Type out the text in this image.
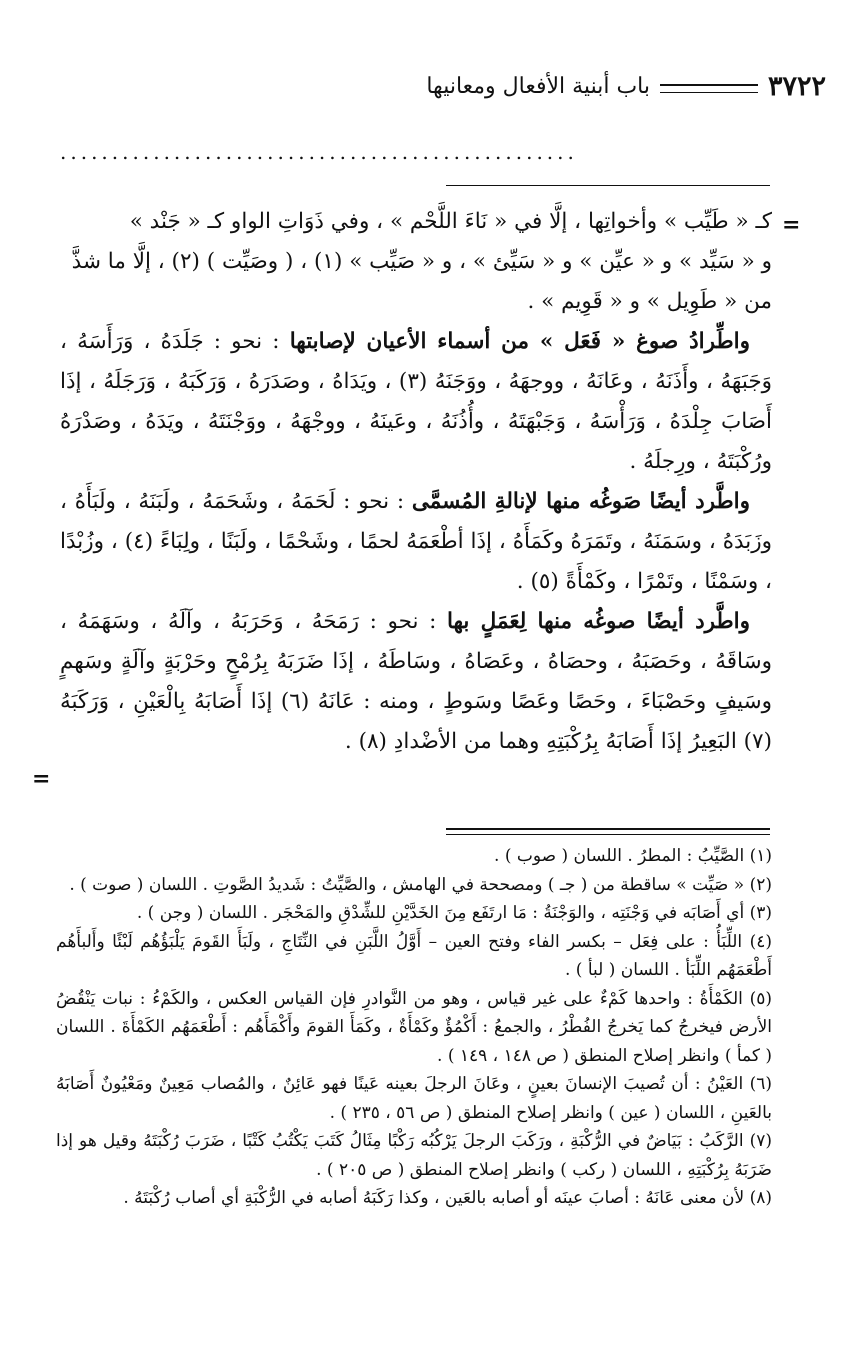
٣٧٢٢
باب أبنية الأفعال ومعانيها
..................................................
=
=

كـ « طَيِّب » وأخواتِها ، إلَّا في « نَاءَ اللَّحْم » ، وفي ذَوَاتِ الواو كـ « جَنْد »

و « سَيِّد » و « عيِّن » و « سَيِّئ » ، و « صَيِّب » (١) ، ( وصَيِّت ) (٢) ، إلَّا ما شذَّ

من « طَوِيل » و « قَوِيم » .

واطِّرادُ صوغ « فَعَل » من أسماء الأعيان لإصابتها : نحو : جَلَدَهُ ، وَرَأَسَهُ ، وَجَبَهَهُ ، وأَذَنَهُ ، وعَانَهُ ، ووجهَهُ ، ووَجَنَهُ (٣) ، ويَدَاهُ ، وصَدَرَهُ ، وَرَكَبَهُ ، وَرَجَلَهُ ، إذَا أَصَابَ جِلْدَهُ ، وَرَأْسَهُ ، وَجَبْهَتَهُ ، وأُذُنَهُ ، وعَينَهُ ، ووجْهَهُ ، ووَجْنَتَهُ ، ويَدَهُ ، وصَدْرَهُ ورُكْبَتَهُ ، ورِجلَهُ .

واطَّرد أيضًا صَوغُه منها لإنالةِ المُسمَّى : نحو : لَحَمَهُ ، وشَحَمَهُ ، ولَبَنَهُ ، ولَبَأَهُ ، وزَبَدَهُ ، وسَمَنَهُ ، وتَمَرَهُ وكَمَأَهُ ، إذَا أطْعَمَهُ لحمًا ، وشَحْمًا ، ولَبَنًا ، ولِبَاءً (٤) ، وزُبْدًا ، وسَمْنًا ، وتَمْرًا ، وكَمْأَةً (٥) .

واطَّرد أيضًا صوغُه منها لِعَمَلٍ بها : نحو : رَمَحَهُ ، وَحَرَبَهُ ، وآلَهُ ، وسَهَمَهُ ، وسَاقَهُ ، وحَصَبَهُ ، وحصَاهُ ، وعَصَاهُ ، وسَاطَهُ ، إذَا ضَرَبَهُ بِرُمْحٍ وحَرْبَةٍ وآلَةٍ وسَهمٍ وسَيفٍ وحَصْبَاءَ ، وحَصًا وعَصًا وسَوطٍ ، ومنه : عَانَهُ (٦) إذَا أَصَابَهُ بِالْعَيْنِ ، وَرَكَبَهُ (٧) البَعِيرُ إذَا أَصَابَهُ بِرُكْبَتِهِ وهما من الأضْدادِ (٨) .

(١) الصَّيِّبُ : المطرُ . اللسان ( صوب ) .

(٢) « صَيِّت » ساقطة من ( جـ ) ومصححة في الهامش ، والصَّيِّتُ : شَديدُ الصَّوتِ . اللسان ( صوت ) .

(٣) أي أَصَابَه في وَجْنَتِه ، والوَجْنَةُ : مَا ارتَفَع مِنَ الخَدَّيْنِ للشِّدْقِ والمَحْجَر . اللسان ( وجن ) .

(٤) اللِّبَأُ : على فِعَل – بكسر الفاء وفتح العين – أَوَّلُ اللَّبَنِ في النِّتَاجِ ، ولَبَأَ القَومَ يَلْبَؤُهُم لَبْئًا وأَلبأَهُم أَطْعَمَهُم اللِّبَأ . اللسان ( لبأ ) .

(٥) الكَمْأَةُ : واحدها كَمْءٌ على غير قياس ، وهو من النَّوادرِ فإن القياس العكس ، والكَمْءُ : نبات يَنْقُضُ الأرض فيخرجُ كما يَخرجُ الفُطْرُ ، والجمعُ : أَكْمُؤٌ وكَمْأَةٌ ، وكَمَأَ القومَ وأَكْمَأَهُم : أَطْعَمَهُم الكَمْأَةَ . اللسان ( كمأ ) وانظر إصلاح المنطق ( ص ١٤٨ ، ١٤٩ ) .

(٦) العَيْنُ : أن تُصيبَ الإنسانَ بعينٍ ، وعَانَ الرجلَ بعينه عَينًا فهو عَائِنٌ ، والمُصاب مَعِينٌ ومَعْيُونٌ أَصَابَهُ بالعَينِ ، اللسان ( عين ) وانظر إصلاح المنطق ( ص ٥٦ ، ٢٣٥ ) .

(٧) الرَّكَبُ : بَيَاضٌ في الرُّكْبَةِ ، ورَكَبَ الرجلَ يَرْكُبُه رَكْبًا مِثَالُ كَتَبَ يَكْتُبُ كَتْبًا ، ضَرَبَ رُكْبَتَهُ وقيل هو إذا ضَرَبَهُ بِرُكْبَتِهِ ، اللسان ( ركب ) وانظر إصلاح المنطق ( ص ٢٠٥ ) .

(٨) لأن معنى عَانَهُ : أصابَ عينَه أو أصابه بالعَين ، وكذا رَكَبَهُ أصابه في الرُّكْبَةِ أي أصاب رُكْبَتَهُ .
